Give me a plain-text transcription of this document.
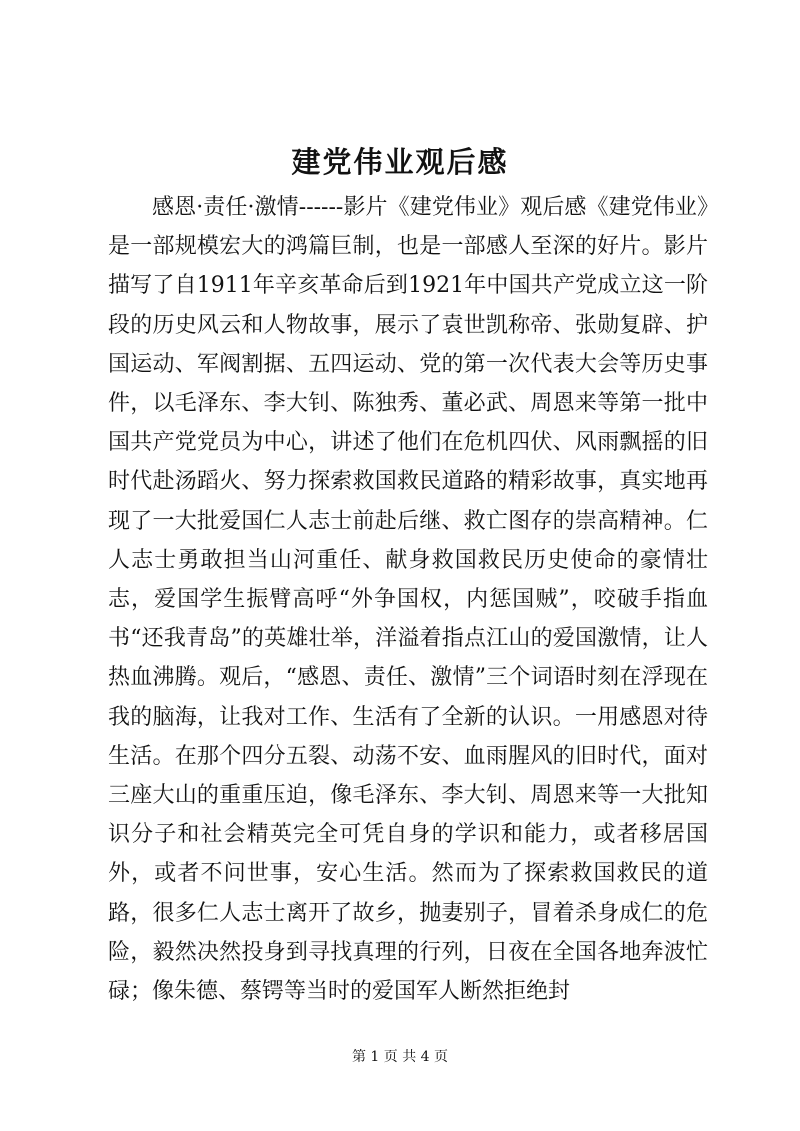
建党伟业观后感

感恩·责任·激情------影片《建党伟业》观后感《建党伟业》是一部规模宏大的鸿篇巨制，也是一部感人至深的好片。影片描写了自1911年辛亥革命后到1921年中国共产党成立这一阶段的历史风云和人物故事，展示了袁世凯称帝、张勋复辟、护国运动、军阀割据、五四运动、党的第一次代表大会等历史事件，以毛泽东、李大钊、陈独秀、董必武、周恩来等第一批中国共产党党员为中心，讲述了他们在危机四伏、风雨飘摇的旧时代赴汤蹈火、努力探索救国救民道路的精彩故事，真实地再现了一大批爱国仁人志士前赴后继、救亡图存的崇高精神。仁人志士勇敢担当山河重任、献身救国救民历史使命的豪情壮志，爱国学生振臂高呼“外争国权，内惩国贼”，咬破手指血书“还我青岛”的英雄壮举，洋溢着指点江山的爱国激情，让人热血沸腾。观后，“感恩、责任、激情”三个词语时刻在浮现在我的脑海，让我对工作、生活有了全新的认识。一用感恩对待生活。在那个四分五裂、动荡不安、血雨腥风的旧时代，面对三座大山的重重压迫，像毛泽东、李大钊、周恩来等一大批知识分子和社会精英完全可凭自身的学识和能力，或者移居国外，或者不问世事，安心生活。然而为了探索救国救民的道路，很多仁人志士离开了故乡，抛妻别子，冒着杀身成仁的危险，毅然决然投身到寻找真理的行列，日夜在全国各地奔波忙碌；像朱德、蔡锷等当时的爱国军人断然拒绝封

第 1 页 共 4 页
